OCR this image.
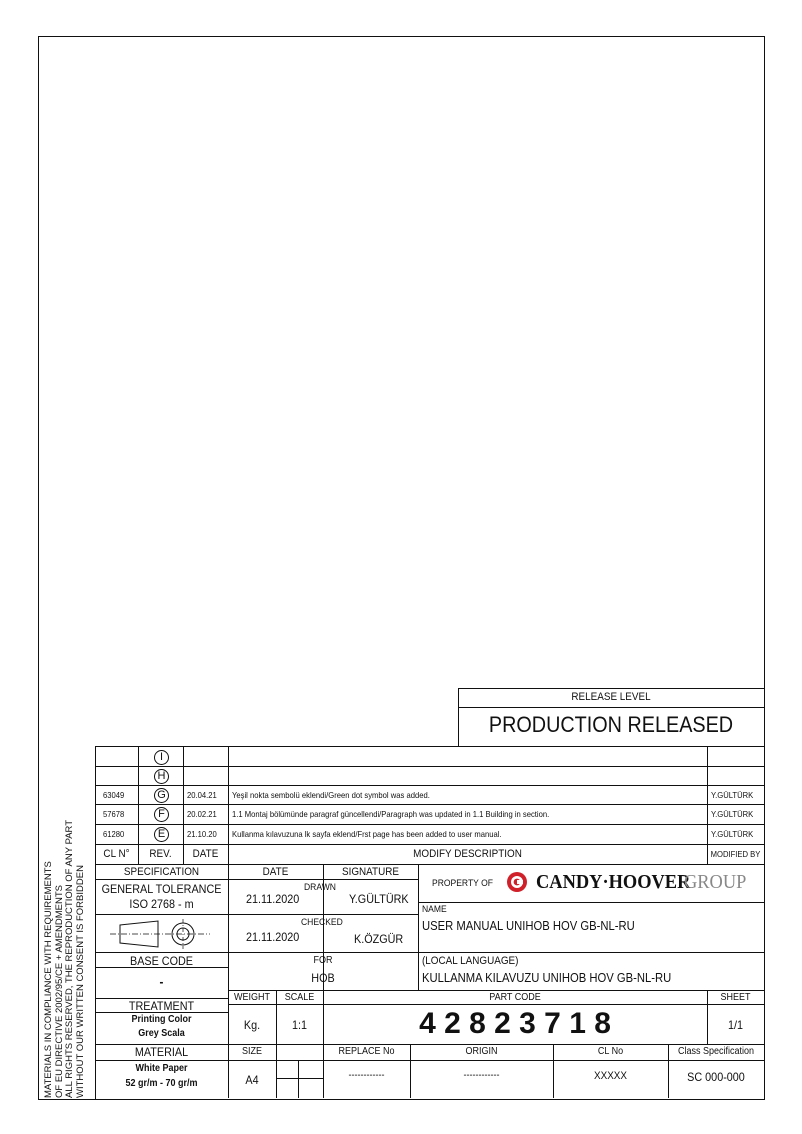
MATERIALS IN COMPLIANCE WITH REQUIREMENTS OF EU DIRECTIVE 2002/95/CE + AMENDMENTS ALL RIGHTS RESERVED, THE REPRODUCTION OF ANY PART WITHOUT OUR WRITTEN CONSENT IS FORBIDDEN
RELEASE LEVEL
PRODUCTION RELEASED
I
H
63049	G	20.04.21 Yeşil nokta sembolü eklendi/Green dot symbol was added.	Y.GÜLTÜRK
57678	F	20.02.21 1.1 Montaj bölümünde paragraf güncellendi/Paragraph was updated in 1.1 Building in section.	Y.GÜLTÜRK
61280	E	21.10.20 Kullanma kılavuzuna lk sayfa eklend/Frst page has been added to user manual.	Y.GÜLTÜRK
CL N°	REV.	DATE	MODIFY DESCRIPTION	MODIFIED BY
SPECIFICATION
GENERAL TOLERANCE
ISO 2768 - m
BASE CODE
-
TREATMENT
Printing Color
Grey Scala
MATERIAL
White Paper
52 gr/m - 70 gr/m
DATE	SIGNATURE
DRAWN
21.11.2020	Y.GÜLTÜRK
CHECKED
21.11.2020	K.ÖZGÜR
FOR
HOB
PROPERTY OF CANDY·HOOVER
GROUP
NAME
USER MANUAL UNIHOB HOV GB-NL-RU
(LOCAL LANGUAGE)
KULLANMA KILAVUZU UNIHOB HOV GB-NL-RU
WEIGHT	SCALE	PART CODE	SHEET
Kg.	1:1	4 2 8 2 3 7 1 8	1/1
SIZE	REPLACE No	ORIGIN	CL No	Class Specification
A4	------------	------------	XXXXX	SC 000-000
